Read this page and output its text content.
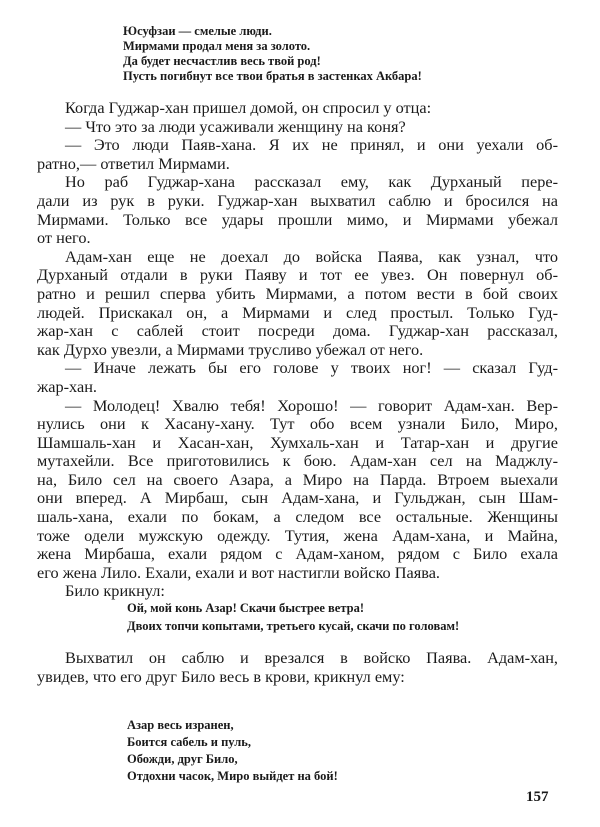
Юсуфзаи — смелые люди.
Мирмами продал меня за золото.
Да будет несчастлив весь твой род!
Пусть погибнут все твои братья в застенках Акбара!
Когда Гуджар-хан пришел домой, он спросил у отца:
— Что это за люди усаживали женщину на коня?
— Это люди Паяв-хана. Я их не принял, и они уехали об-
ратно,— ответил Мирмами.
Но раб Гуджар-хана рассказал ему, как Дурханый пере-
дали из рук в руки. Гуджар-хан выхватил саблю и бросился на
Мирмами. Только все удары прошли мимо, и Мирмами убежал
от него.
Адам-хан еще не доехал до войска Паява, как узнал, что
Дурханый отдали в руки Паяву и тот ее увез. Он повернул об-
ратно и решил сперва убить Мирмами, а потом вести в бой своих
людей. Прискакал он, а Мирмами и след простыл. Только Гуд-
жар-хан с саблей стоит посреди дома. Гуджар-хан рассказал,
как Дурхо увезли, а Мирмами трусливо убежал от него.
— Иначе лежать бы его голове у твоих ног! — сказал Гуд-
жар-хан.
— Молодец! Хвалю тебя! Хорошо! — говорит Адам-хан. Вер-
нулись они к Хасану-хану. Тут обо всем узнали Било, Миро,
Шамшаль-хан и Хасан-хан, Хумхаль-хан и Татар-хан и другие
мутахейли. Все приготовились к бою. Адам-хан сел на Маджлу-
на, Било сел на своего Азара, а Миро на Парда. Втроем выехали
они вперед. А Мирбаш, сын Адам-хана, и Гульджан, сын Шам-
шаль-хана, ехали по бокам, а следом все остальные. Женщины
тоже одели мужскую одежду. Тутия, жена Адам-хана, и Майна,
жена Мирбаша, ехали рядом с Адам-ханом, рядом с Било ехала
его жена Лило. Ехали, ехали и вот настигли войско Паява.
Било крикнул:
Ой, мой конь Азар! Скачи быстрее ветра!
Двоих топчи копытами, третьего кусай, скачи по головам!
Выхватил он саблю и врезался в войско Паява. Адам-хан,
увидев, что его друг Било весь в крови, крикнул ему:
Азар весь изранен,
Боится сабель и пуль,
Обожди, друг Било,
Отдохни часок, Миро выйдет на бой!
157
